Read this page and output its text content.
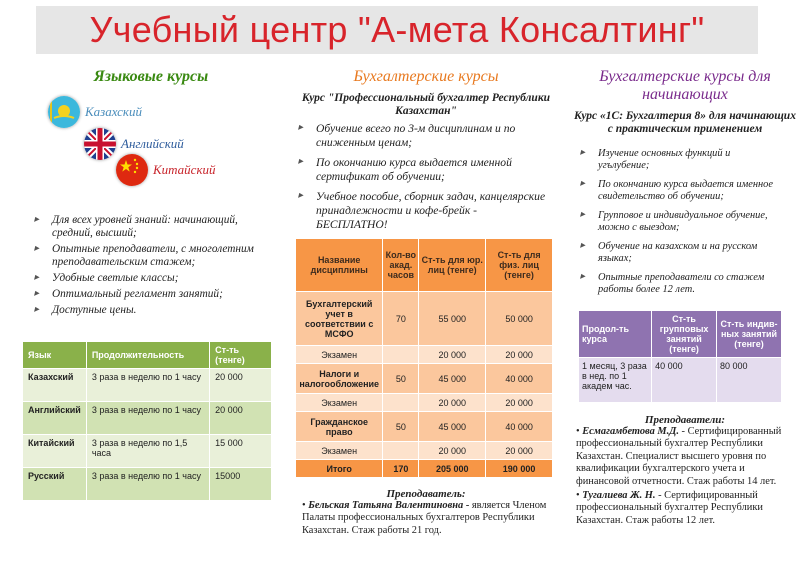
Учебный центр "А-мета Консалтинг"
Языковые курсы
Казахский
Английский
Китайский
▸ Для всех уровней знаний: начинающий, средний, высший;
▸ Опытные преподаватели, с многолетним преподавательским стажем;
▸ Удобные светлые классы;
▸ Оптимальный регламент занятий;
▸ Доступные цены.
Язык	Продолжительность	Ст-ть (тенге)
Казахский	3 раза в неделю по 1 часу	20 000
Английский	3 раза в неделю по 1 часу	20 000
Китайский	3 раза в неделю по 1,5 часа	15 000
Русский	3 раза в неделю по 1 часу	15000
Бухгалтерские курсы
Курс "Профессиональный бухгалтер Республики Казахстан"
▸ Обучение всего по 3-м дисциплинам и по сниженным ценам;
▸ По окончанию курса выдается именной сертификат об обучении;
▸ Учебное пособие, сборник задач, канцелярские принадлежности и кофе-брейк - БЕСПЛАТНО!
Название дисциплины	Кол-во акад. часов	Ст-ть для юр. лиц (тенге)	Ст-ть для физ. лиц (тенге)
Бухгалтерский учет в соответствии с МСФО	70	55 000	50 000
Экзамен		20 000	20 000
Налоги и налогообложение	50	45 000	40 000
Экзамен		20 000	20 000
Гражданское право	50	45 000	40 000
Экзамен		20 000	20 000
Итого	170	205 000	190 000
Преподаватель:
• Бельская Татьяна Валентиновна - является Членом Палаты профессиональных бухгалтеров Республики Казахстан. Стаж работы 21 год.
Бухгалтерские курсы для начинающих
Курс «1С: Бухгалтерия 8» для начинающих с практическим применением
▸ Изучение основных функций и угълубение;
▸ По окончанию курса выдается именное свидетельство об обучении;
▸ Групповое и индивидуальное обучение, можно с выездом;
▸ Обучение на казахском и на русском языках;
▸ Опытные преподаватели со стажем работы более 12 лет.
Продол-ть курса	Ст-ть групповых занятий (тенге)	Ст-ть индив-ных занятий (тенге)
1 месяц, 3 раза в нед. по 1 академ час.	40 000	80 000
Преподаватели:

• Есмагамбетова М.Д. - Сертифицированный профессиональный бухгалтер Республики Казахстан. Специалист высшего уровня по квалификации бухгалтерского учета и финансовой отчетности. Стаж работы 14 лет.

• Тугалиева Ж. Н. - Сертифицированный профессиональный бухгалтер Республики Казахстан. Стаж работы 12 лет.
